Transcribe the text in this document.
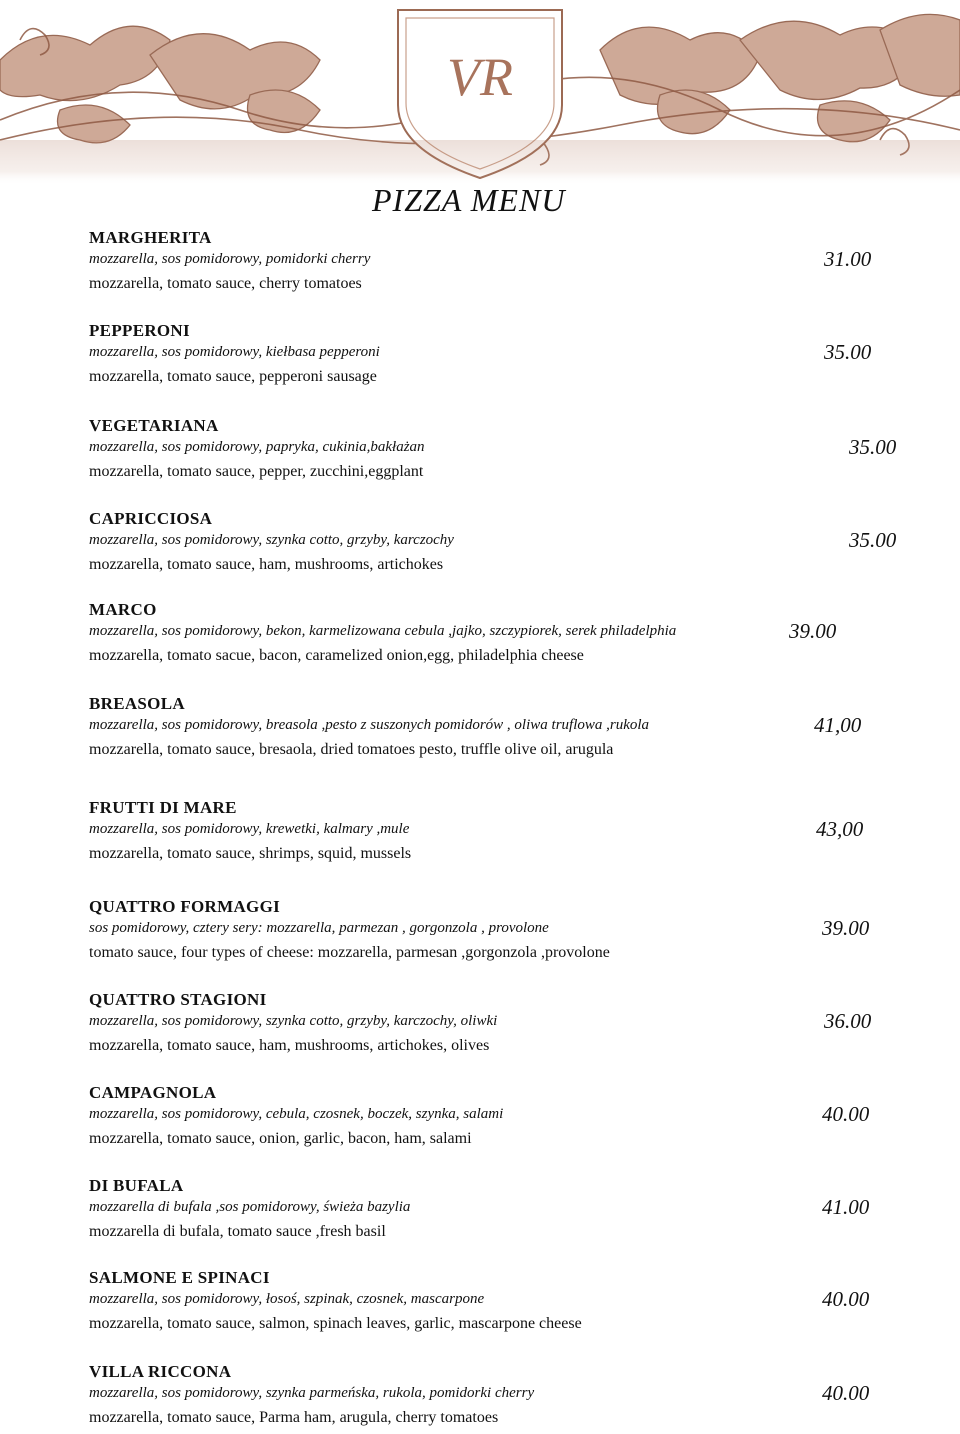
VR
PIZZA MENU
MARGHERITA
mozzarella, sos pomidorowy, pomidorki cherry
mozzarella, tomato sauce, cherry tomatoes
31.00
PEPPERONI
mozzarella, sos pomidorowy, kiełbasa pepperoni
mozzarella, tomato sauce, pepperoni sausage
35.00
VEGETARIANA
mozzarella, sos pomidorowy, papryka, cukinia,bakłażan
mozzarella, tomato sauce, pepper, zucchini,eggplant
35.00
CAPRICCIOSA
mozzarella, sos pomidorowy, szynka cotto, grzyby, karczochy
mozzarella, tomato sauce, ham, mushrooms, artichokes
35.00
MARCO
mozzarella, sos pomidorowy, bekon, karmelizowana cebula ,jajko, szczypiorek, serek philadelphia
mozzarella, tomato sacue, bacon, caramelized onion,egg, philadelphia cheese
39.00
BREASOLA
mozzarella, sos pomidorowy, breasola ,pesto z suszonych pomidorów , oliwa truflowa ,rukola
mozzarella, tomato sauce, bresaola, dried tomatoes pesto, truffle olive oil, arugula
41,00
FRUTTI DI MARE
mozzarella, sos pomidorowy, krewetki, kalmary ,mule
mozzarella, tomato sauce, shrimps, squid, mussels
43,00
QUATTRO FORMAGGI
sos pomidorowy, cztery sery: mozzarella, parmezan , gorgonzola , provolone
tomato sauce, four types of cheese: mozzarella, parmesan ,gorgonzola ,provolone
39.00
QUATTRO STAGIONI
mozzarella, sos pomidorowy, szynka cotto, grzyby, karczochy, oliwki
mozzarella, tomato sauce, ham, mushrooms, artichokes, olives
36.00
CAMPAGNOLA
mozzarella, sos pomidorowy, cebula, czosnek, boczek, szynka, salami
mozzarella, tomato sauce, onion, garlic, bacon, ham, salami
40.00
DI BUFALA
mozzarella di bufala ,sos pomidorowy, świeża bazylia
mozzarella di bufala, tomato sauce ,fresh basil
41.00
SALMONE E SPINACI
mozzarella, sos pomidorowy, łosoś, szpinak, czosnek, mascarpone
mozzarella, tomato sauce, salmon, spinach leaves, garlic, mascarpone cheese
40.00
VILLA RICCONA
mozzarella, sos pomidorowy, szynka parmeńska, rukola, pomidorki cherry
mozzarella, tomato sauce, Parma ham, arugula, cherry tomatoes
40.00
